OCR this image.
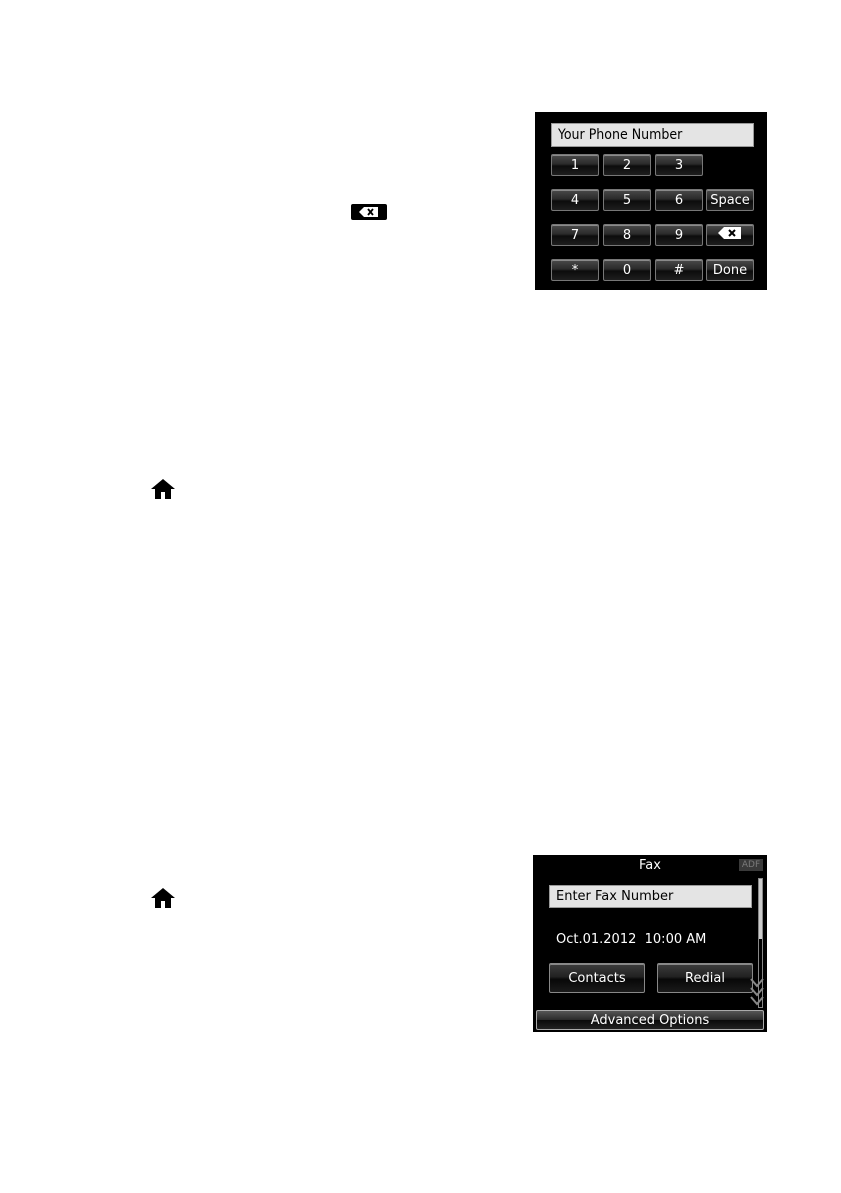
Your Phone Number
1	2	3
4	5	6	Space
7	8	9
*	0	#	Done
Fax	ADF
Enter Fax Number
Oct.01.2012 10:00 AM
Contacts	Redial
Advanced Options
